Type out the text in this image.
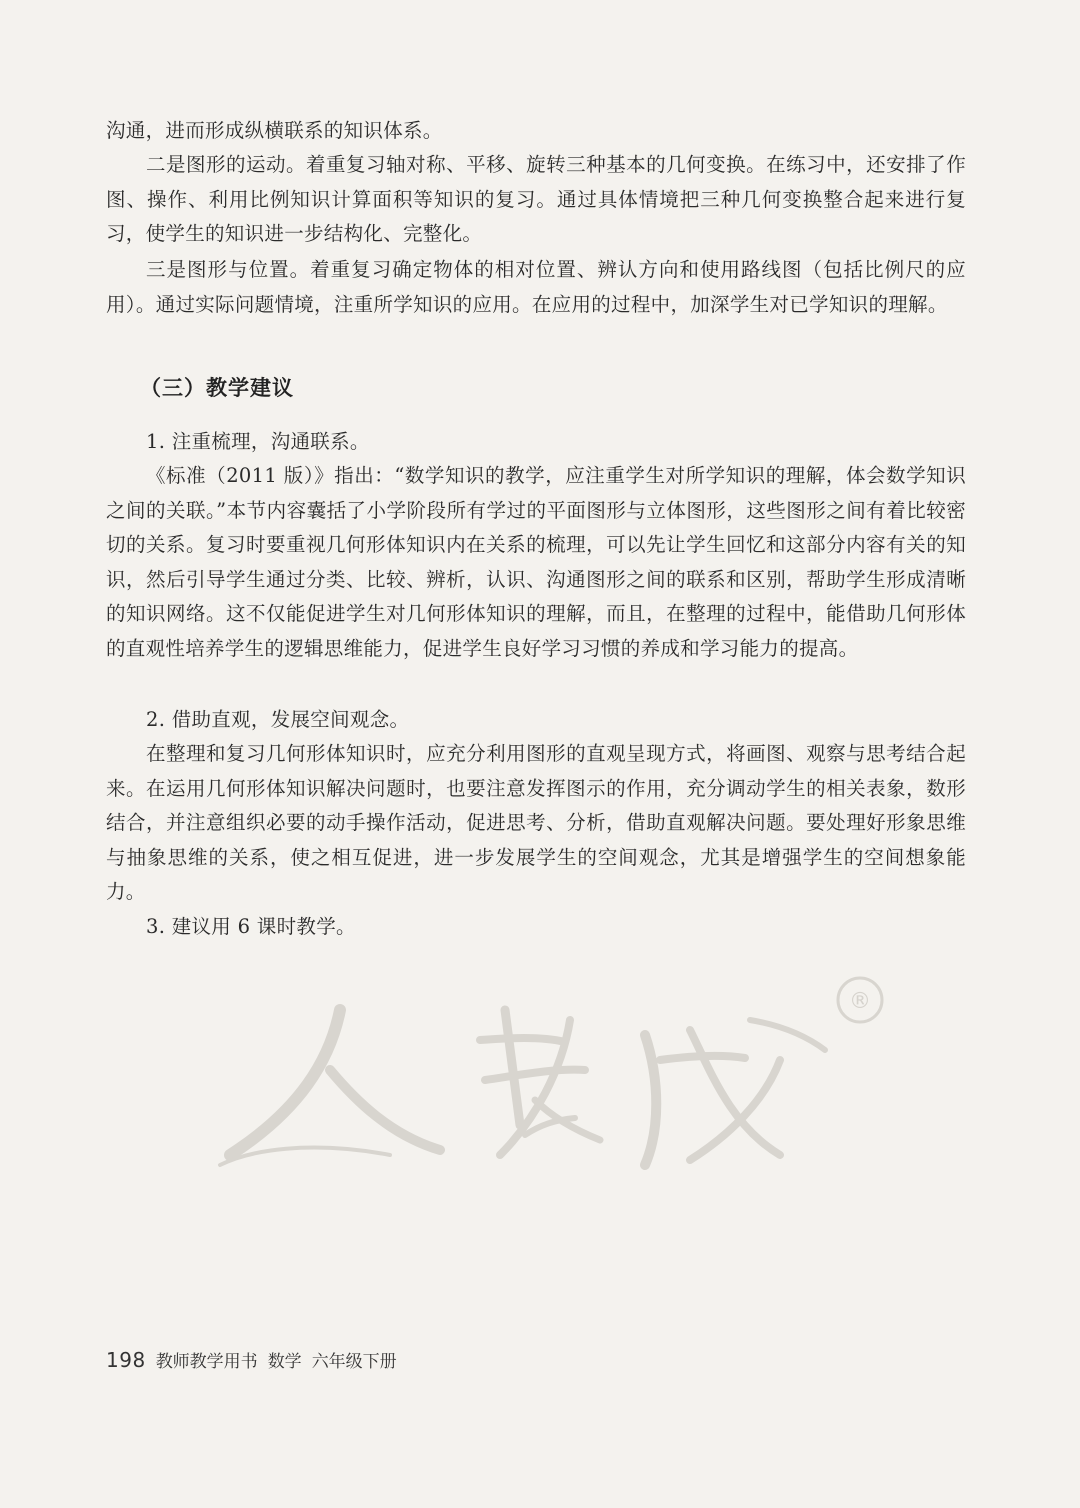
沟通，进而形成纵横联系的知识体系。

二是图形的运动。着重复习轴对称、平移、旋转三种基本的几何变换。在练习中，还安排了作图、操作、利用比例知识计算面积等知识的复习。通过具体情境把三种几何变换整合起来进行复习，使学生的知识进一步结构化、完整化。

三是图形与位置。着重复习确定物体的相对位置、辨认方向和使用路线图（包括比例尺的应用）。通过实际问题情境，注重所学知识的应用。在应用的过程中，加深学生对已学知识的理解。

（三）教学建议

1. 注重梳理，沟通联系。

《标准（2011 版）》指出：“数学知识的教学，应注重学生对所学知识的理解，体会数学知识之间的关联。”本节内容囊括了小学阶段所有学过的平面图形与立体图形，这些图形之间有着比较密切的关系。复习时要重视几何形体知识内在关系的梳理，可以先让学生回忆和这部分内容有关的知识，然后引导学生通过分类、比较、辨析，认识、沟通图形之间的联系和区别，帮助学生形成清晰的知识网络。这不仅能促进学生对几何形体知识的理解，而且，在整理的过程中，能借助几何形体的直观性培养学生的逻辑思维能力，促进学生良好学习习惯的养成和学习能力的提高。

2. 借助直观，发展空间观念。

在整理和复习几何形体知识时，应充分利用图形的直观呈现方式，将画图、观察与思考结合起来。在运用几何形体知识解决问题时，也要注意发挥图示的作用，充分调动学生的相关表象，数形结合，并注意组织必要的动手操作活动，促进思考、分析，借助直观解决问题。要处理好形象思维与抽象思维的关系，使之相互促进，进一步发展学生的空间观念，尤其是增强学生的空间想象能力。

3. 建议用 6 课时教学。

®
198 教师教学用书 数学 六年级下册
